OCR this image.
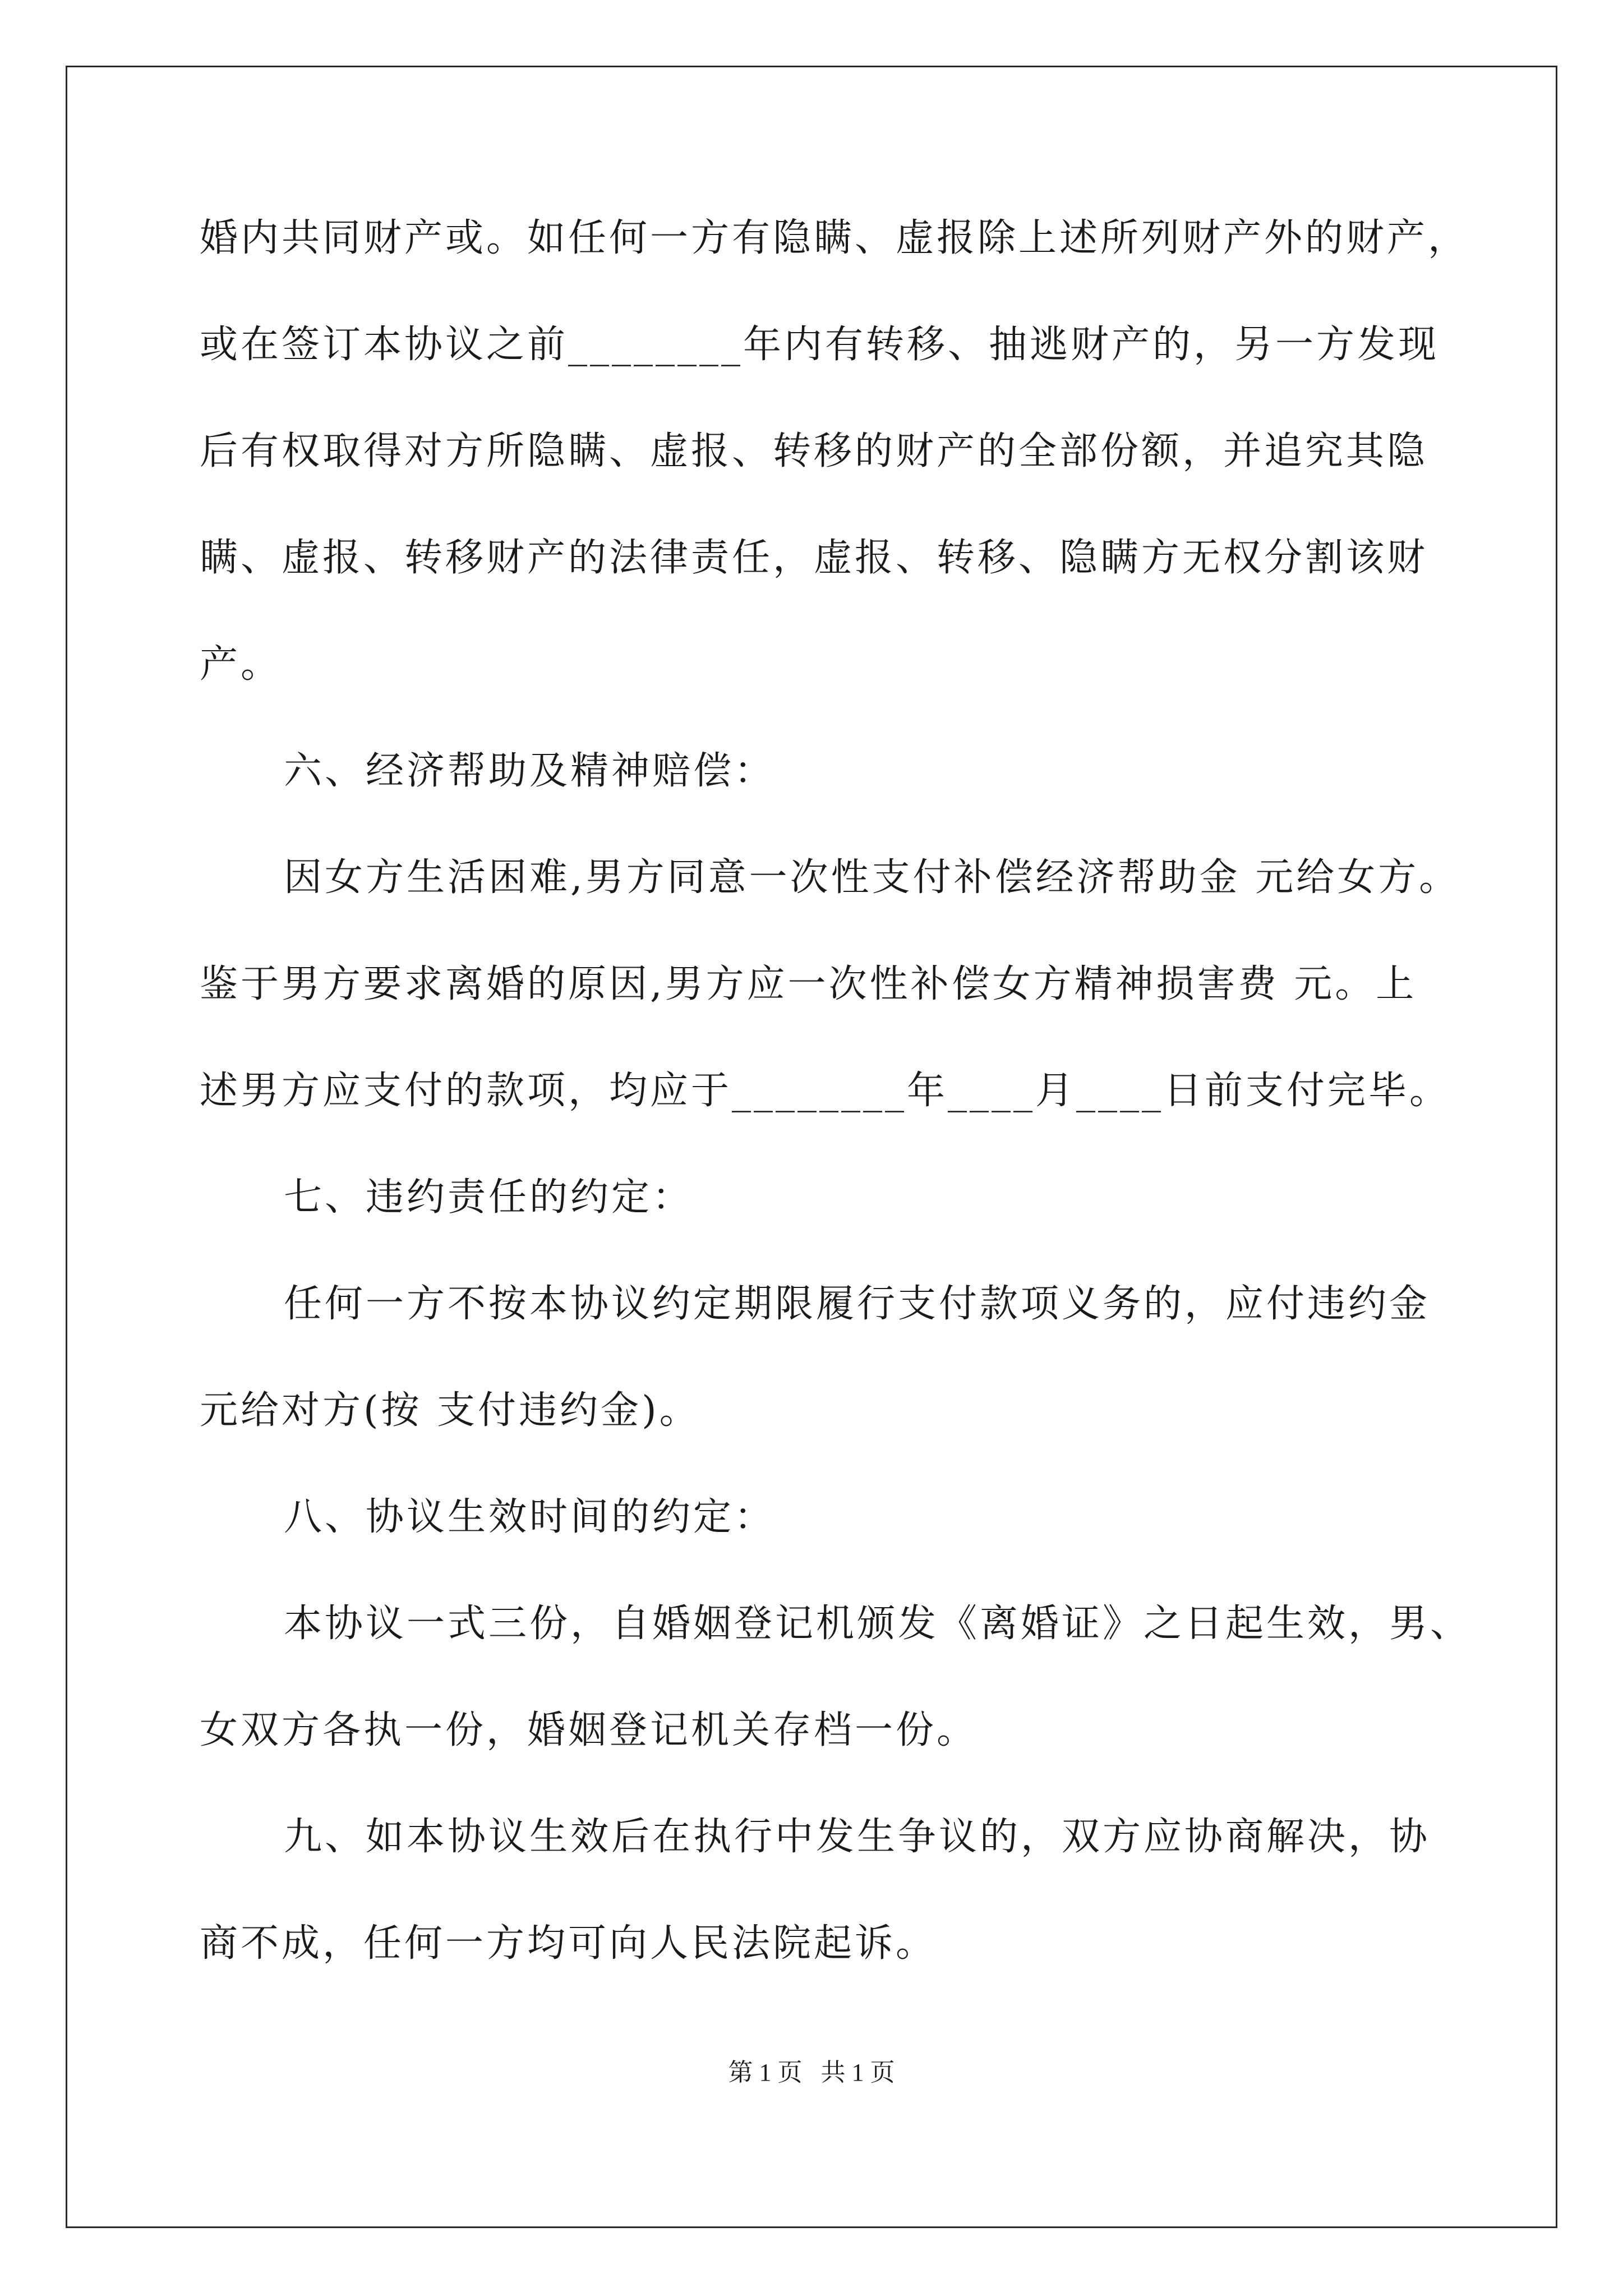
婚内共同财产或。如任何一方有隐瞒、虚报除上述所列财产外的财产，
或在签订本协议之前________年内有转移、抽逃财产的，另一方发现
后有权取得对方所隐瞒、虚报、转移的财产的全部份额，并追究其隐
瞒、虚报、转移财产的法律责任，虚报、转移、隐瞒方无权分割该财
产。
六、经济帮助及精神赔偿：
因女方生活困难,男方同意一次性支付补偿经济帮助金 元给女方。
鉴于男方要求离婚的原因,男方应一次性补偿女方精神损害费 元。上
述男方应支付的款项，均应于________年____月____日前支付完毕。
七、违约责任的约定：
任何一方不按本协议约定期限履行支付款项义务的，应付违约金
元给对方(按 支付违约金)。
八、协议生效时间的约定：
本协议一式三份，自婚姻登记机颁发《离婚证》之日起生效，男、
女双方各执一份，婚姻登记机关存档一份。
九、如本协议生效后在执行中发生争议的，双方应协商解决，协
商不成，任何一方均可向人民法院起诉。
第 1 页   共 1 页
